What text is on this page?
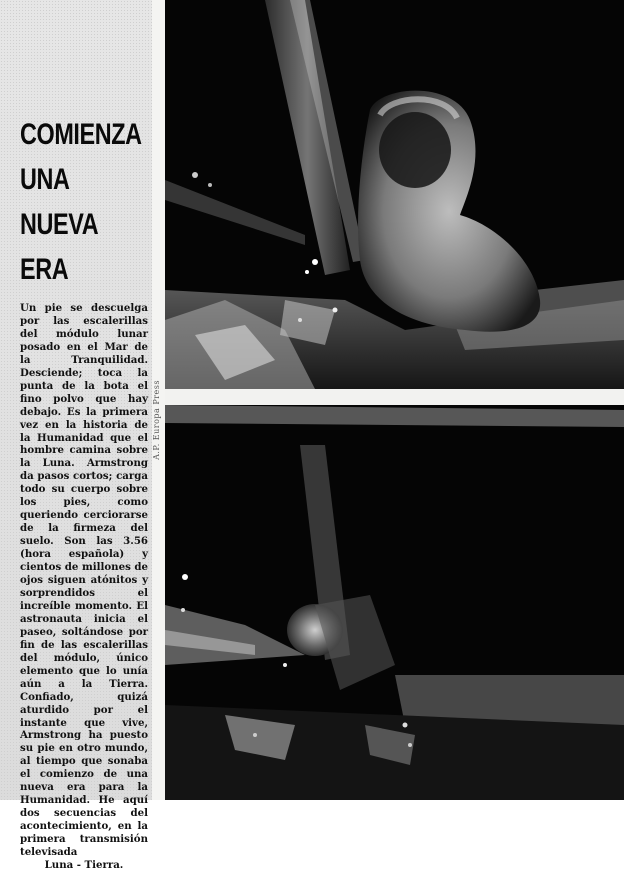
COMIENZA
UNA
NUEVA
ERA

Un pie se descuelga por las escalerillas del módulo lunar posado en el Mar de la Tranquilidad. Desciende; toca la punta de la bota el fino polvo que hay debajo. Es la primera vez en la historia de la Humanidad que el hombre camina sobre la Luna. Armstrong da pasos cortos; carga todo su cuerpo sobre los pies, como queriendo cerciorarse de la firmeza del suelo. Son las 3.56 (hora española) y cientos de millones de ojos siguen atónitos y sorprendidos el increíble momento. El astronauta inicia el paseo, soltándose por fin de las escalerillas del módulo, único elemento que lo unía aún a la Tierra. Confiado, quizá aturdido por el instante que vive, Armstrong ha puesto su pie en otro mundo, al tiempo que sonaba el comienzo de una nueva era para la Humanidad. He aquí dos secuencias del acontecimiento, en la primera transmisión televisada
Luna - Tierra.

A.P. Europa Press
